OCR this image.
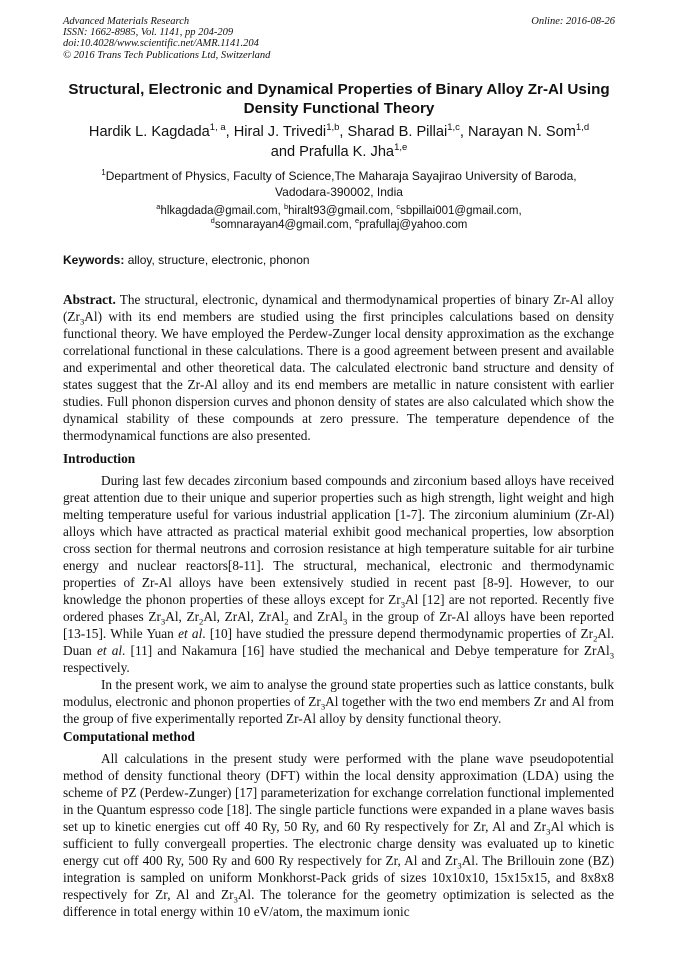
Advanced Materials Research
ISSN: 1662-8985, Vol. 1141, pp 204-209
doi:10.4028/www.scientific.net/AMR.1141.204
© 2016 Trans Tech Publications Ltd, Switzerland
Online: 2016-08-26
Structural, Electronic and Dynamical Properties of Binary Alloy Zr-Al Using Density Functional Theory
Hardik L. Kagdada$^{1, a}$, Hiral J. Trivedi$^{1,b}$, Sharad B. Pillai$^{1,c}$, Narayan N. Som$^{1,d}$
and Prafulla K. Jha$^{1,e}$
$^1$Department of Physics, Faculty of Science,The Maharaja Sayajirao University of Baroda,
Vadodara-390002, India
$^a$hlkagdada@gmail.com, $^b$hiralt93@gmail.com, $^c$sbpillai001@gmail.com,
$^d$somnarayan4@gmail.com, $^e$prafullaj@yahoo.com
Keywords: alloy, structure, electronic, phonon

Abstract. The structural, electronic, dynamical and thermodynamical properties of binary Zr-Al alloy $(Zr_3Al)$ with its end members are studied using the first principles calculations based on density functional theory. We have employed the Perdew-Zunger local density approximation as the exchange correlational functional in these calculations. There is a good agreement between present and available and experimental and other theoretical data. The calculated electronic band structure and density of states suggest that the Zr-Al alloy and its end members are metallic in nature consistent with earlier studies. Full phonon dispersion curves and phonon density of states are also calculated which show the dynamical stability of these compounds at zero pressure. The temperature dependence of the thermodynamical functions are also presented.

Introduction

During last few decades zirconium based compounds and zirconium based alloys have received great attention due to their unique and superior properties such as high strength, light weight and high melting temperature useful for various industrial application [1-7]. The zirconium aluminium (Zr-Al) alloys which have attracted as practical material exhibit good mechanical properties, low absorption cross section for thermal neutrons and corrosion resistance at high temperature suitable for air turbine energy and nuclear reactors[8-11]. The structural, mechanical, electronic and thermodynamic properties of Zr-Al alloys have been extensively studied in recent past [8-9]. However, to our knowledge the phonon properties of these alloys except for $Zr_3Al$ [12] are not reported. Recently five ordered phases $Zr_3Al$, $Zr_2Al$, ZrAl, ZrAl$_2$ and ZrAl$_3$ in the group of Zr-Al alloys have been reported [13-15]. While Yuan et al. [10] have studied the pressure depend thermodynamic properties of $Zr_2Al$. Duan et al. [11] and Nakamura [16] have studied the mechanical and Debye temperature for ZrAl$_3$ respectively.

In the present work, we aim to analyse the ground state properties such as lattice constants, bulk modulus, electronic and phonon properties of $Zr_3Al$ together with the two end members Zr and Al from the group of five experimentally reported Zr-Al alloy by density functional theory.

Computational method

All calculations in the present study were performed with the plane wave pseudopotential method of density functional theory (DFT) within the local density approximation (LDA) using the scheme of PZ (Perdew-Zunger) [17] parameterization for exchange correlation functional implemented in the Quantum espresso code [18]. The single particle functions were expanded in a plane waves basis set up to kinetic energies cut off 40 Ry, 50 Ry, and 60 Ry respectively for Zr, Al and $Zr_3Al$ which is sufficient to fully convergeall properties. The electronic charge density was evaluated up to kinetic energy cut off 400 Ry, 500 Ry and 600 Ry respectively for Zr, Al and $Zr_3Al$. The Brillouin zone (BZ) integration is sampled on uniform Monkhorst-Pack grids of sizes 10x10x10, 15x15x15, and 8x8x8 respectively for Zr, Al and $Zr_3Al$. The tolerance for the geometry optimization is selected as the difference in total energy within 10 eV/atom, the maximum ionic
